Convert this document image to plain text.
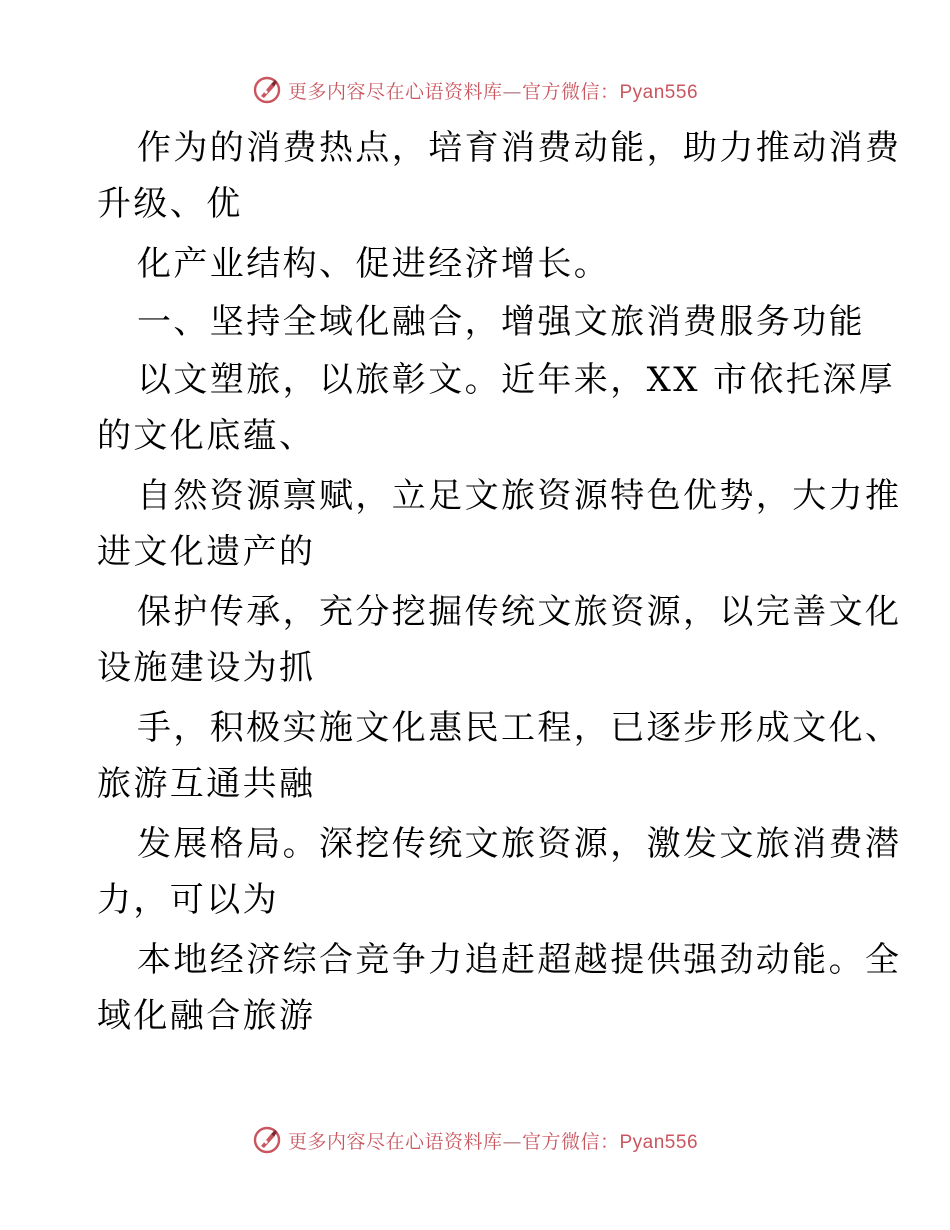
更多内容尽在心语资料库—官方微信：Pyan556
作为的消费热点，培育消费动能，助力推动消费
升级、优
化产业结构、促进经济增长。
一、坚持全域化融合，增强文旅消费服务功能
以文塑旅，以旅彰文。近年来，XX 市依托深厚
的文化底蕴、
自然资源禀赋，立足文旅资源特色优势，大力推
进文化遗产的
保护传承，充分挖掘传统文旅资源，以完善文化
设施建设为抓
手，积极实施文化惠民工程，已逐步形成文化、
旅游互通共融
发展格局。深挖传统文旅资源，激发文旅消费潜
力，可以为
本地经济综合竞争力追赶超越提供强劲动能。全
域化融合旅游
更多内容尽在心语资料库—官方微信：Pyan556
